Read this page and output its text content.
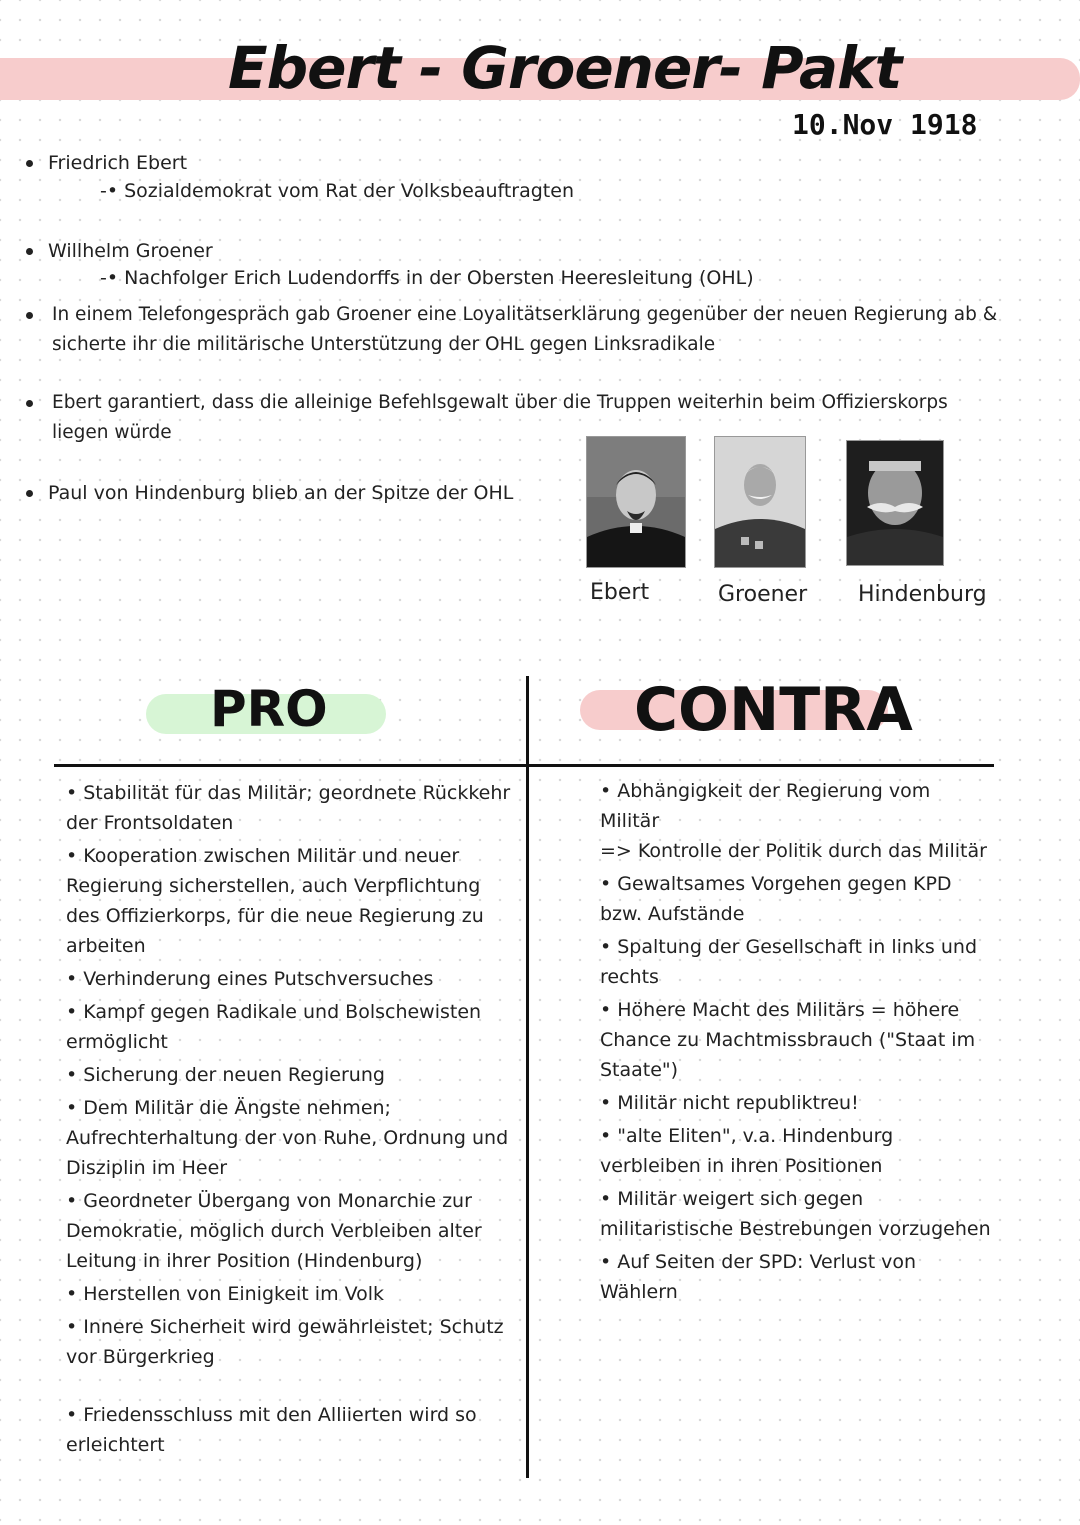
Ebert - Groener- Pakt
10.Nov 1918
Friedrich Ebert
-• Sozialdemokrat vom Rat der Volksbeauftragten
Willhelm Groener
-• Nachfolger Erich Ludendorffs in der Obersten Heeresleitung (OHL)
In einem Telefongespräch gab Groener eine Loyalitätserklärung gegenüber der neuen Regierung ab &
sicherte ihr die militärische Unterstützung der OHL gegen Linksradikale
Ebert garantiert, dass die alleinige Befehlsgewalt über die Truppen weiterhin beim Offizierskorps
liegen würde
Paul von Hindenburg blieb an der Spitze der OHL
Ebert	Groener Hindenburg
PRO	CONTRA

• Stabilität für das Militär; geordnete Rückkehr der Frontsoldaten

• Kooperation zwischen Militär und neuer Regierung sicherstellen, auch Verpflichtung des Offizierkorps, für die neue Regierung zu arbeiten

• Verhinderung eines Putschversuches

• Kampf gegen Radikale und Bolschewisten ermöglicht

• Sicherung der neuen Regierung

• Dem Militär die Ängste nehmen; Aufrechterhaltung der von Ruhe, Ordnung und Disziplin im Heer

• Geordneter Übergang von Monarchie zur Demokratie, möglich durch Verbleiben alter Leitung in ihrer Position (Hindenburg)

• Herstellen von Einigkeit im Volk

• Innere Sicherheit wird gewährleistet; Schutz vor Bürgerkrieg

• Friedensschluss mit den Alliierten wird so erleichtert

• Abhängigkeit der Regierung vom Militär

=> Kontrolle der Politik durch das Militär

• Gewaltsames Vorgehen gegen KPD bzw. Aufstände

• Spaltung der Gesellschaft in links und rechts

• Höhere Macht des Militärs = höhere Chance zu Machtmissbrauch ("Staat im Staate")

• Militär nicht republiktreu!

• "alte Eliten", v.a. Hindenburg verbleiben in ihren Positionen

• Militär weigert sich gegen militaristische Bestrebungen vorzugehen

• Auf Seiten der SPD: Verlust von Wählern
